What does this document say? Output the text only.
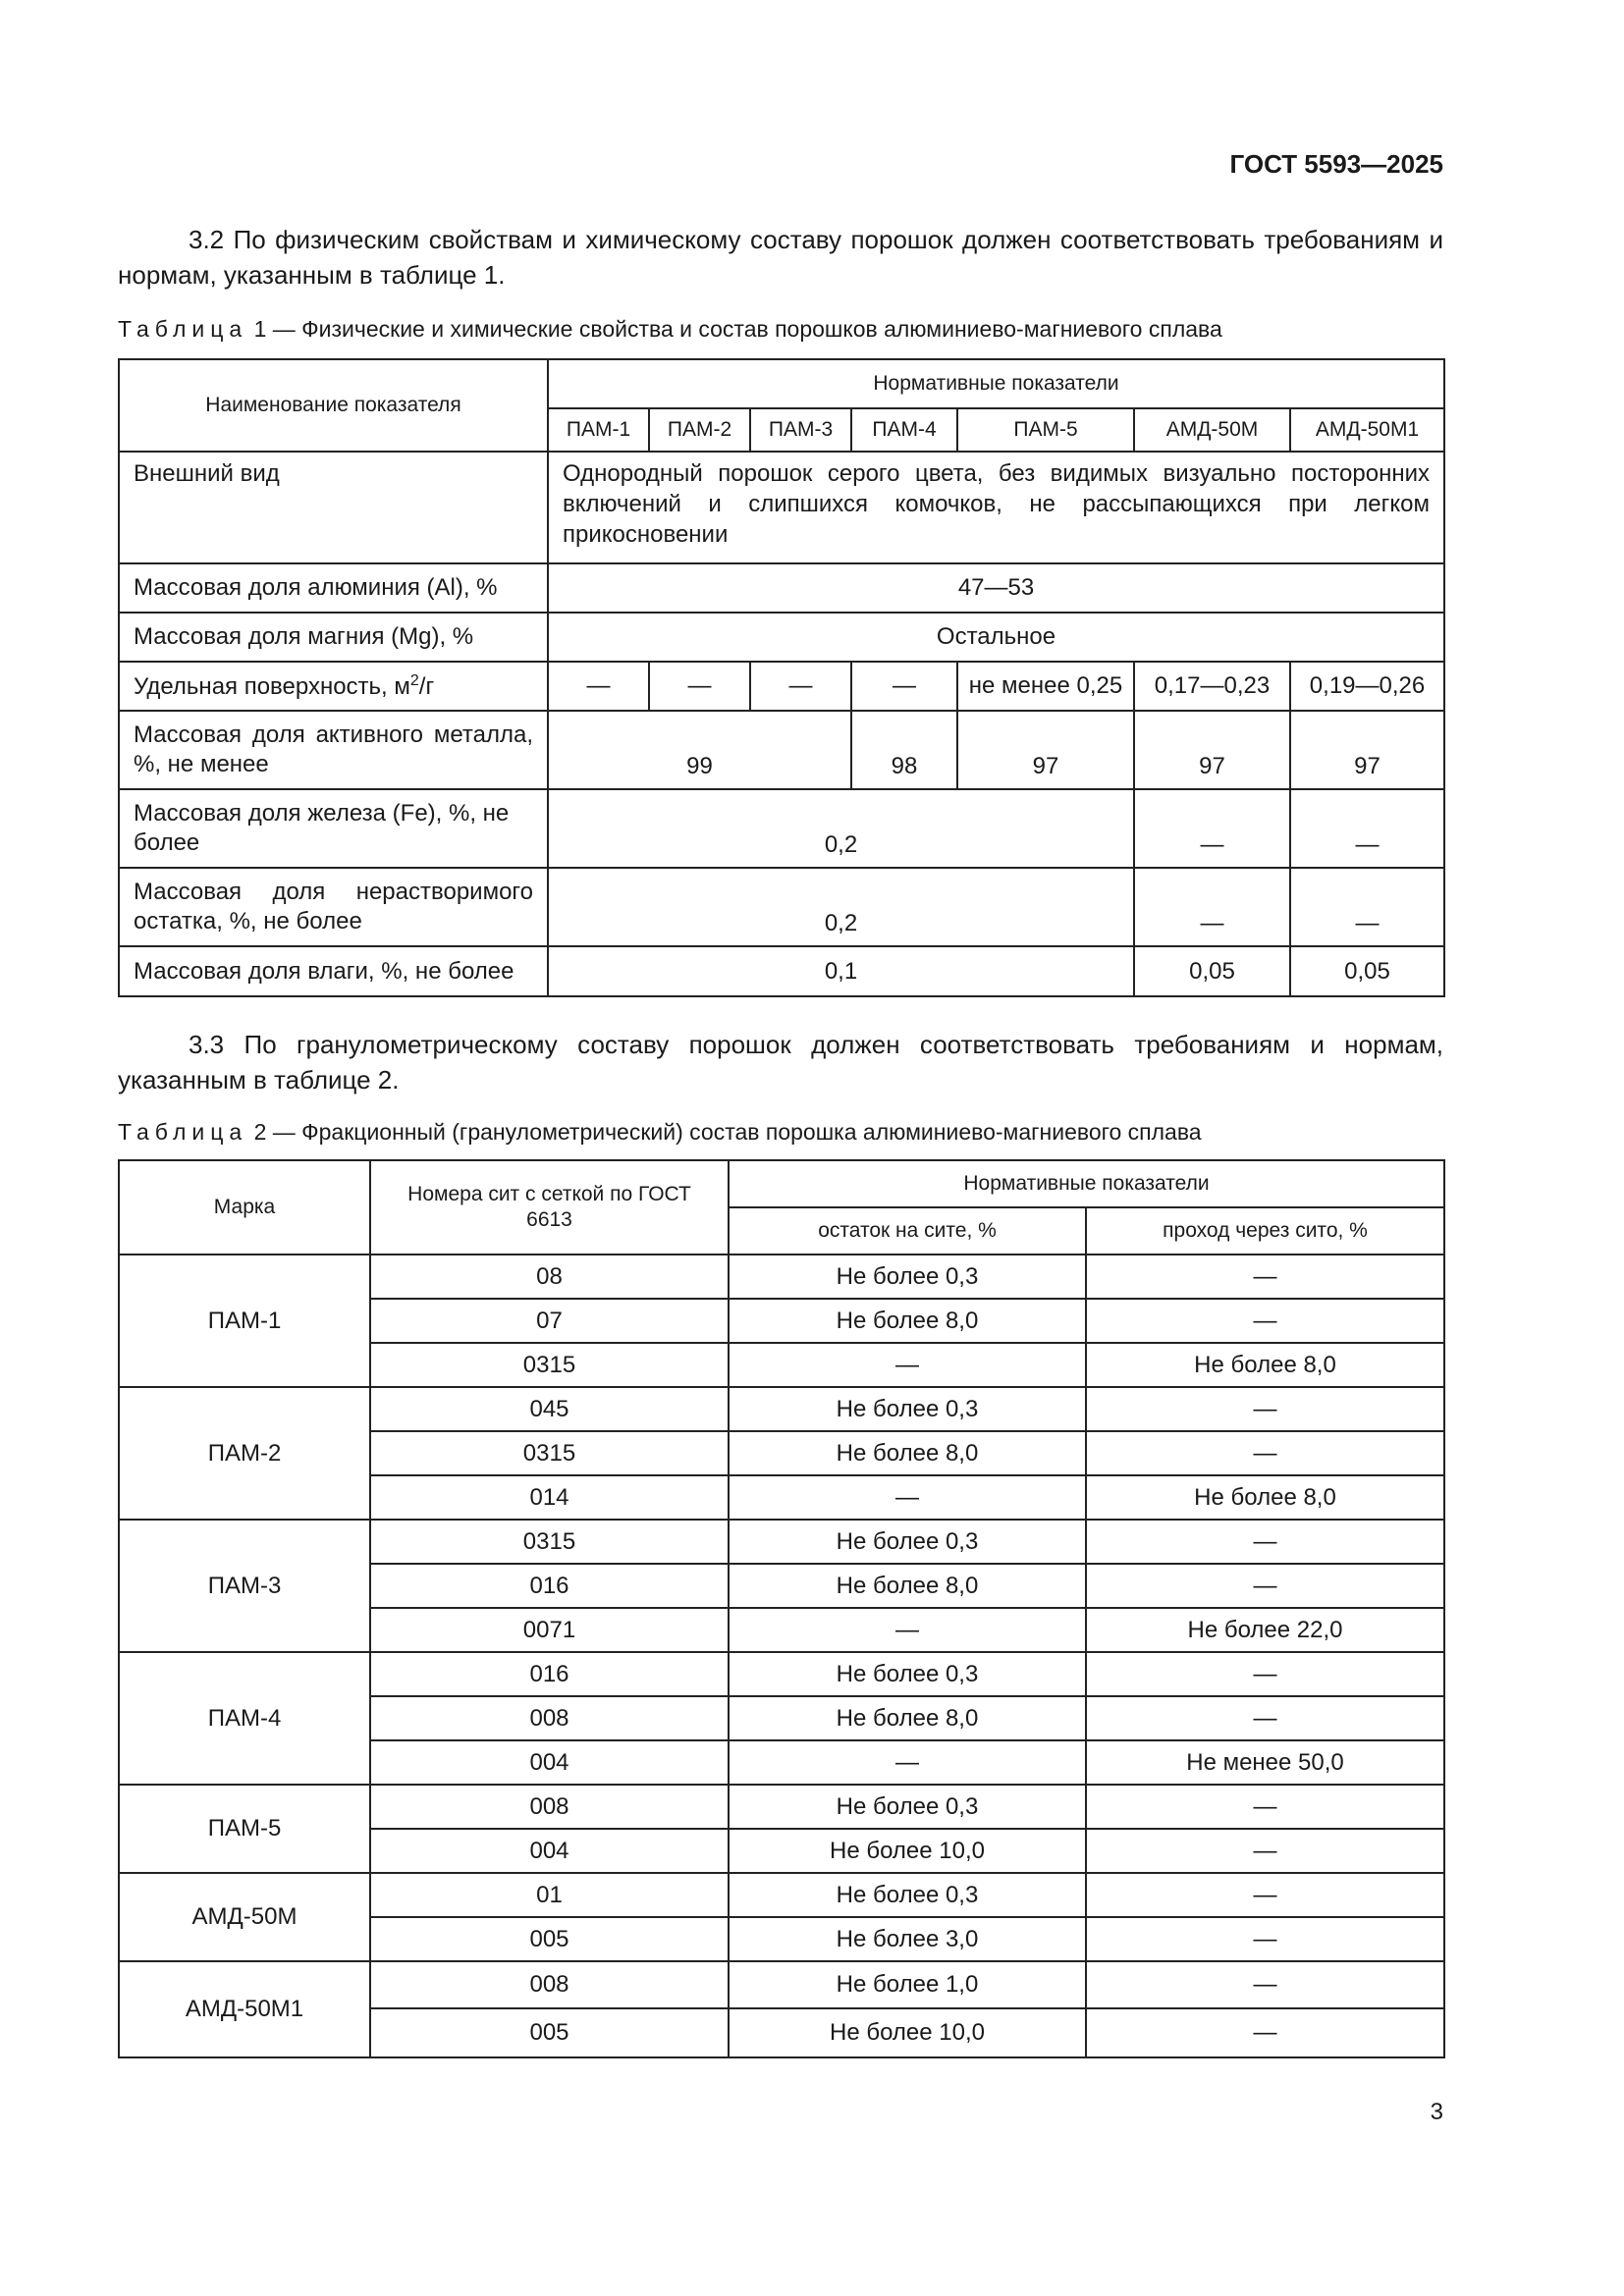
ГОСТ 5593—2025
3.2 По физическим свойствам и химическому составу порошок должен соответствовать требованиям и нормам, указанным в таблице 1.
Таблица 1 — Физические и химические свойства и состав порошков алюминиево-магниевого сплава
Наименование показателя	Нормативные показатели						
	ПАМ-1	ПАМ-2	ПАМ-3	ПАМ-4	ПАМ-5	АМД-50М	АМД-50М1
Внешний вид	Однородный порошок серого цвета, без видимых визуально посторонних включений и слипшихся комочков, не рассыпающихся при легком прикосновении						
Массовая доля алюминия (Al), %	47—53						
Массовая доля магния (Mg), %	Остальное						
Удельная поверхность, $м^2/г$	—	—	—	—	не менее 0,25	0,17—0,23	0,19—0,26
Массовая доля активного металла, %, не менее	99			98	97	97	97
Массовая доля железа (Fe), %, не более	0,2					—	—
Массовая доля нерастворимого остатка, %, не более	0,2					—	—
Массовая доля влаги, %, не более	0,1					0,05	0,05
3.3 По гранулометрическому составу порошок должен соответствовать требованиям и нормам, указанным в таблице 2.
Таблица 2 — Фракционный (гранулометрический) состав порошка алюминиево-магниевого сплава
Марка	Номера сит с сеткой по ГОСТ 6613	Нормативные показатели	
		остаток на сите, %	проход через сито, %
ПАМ-1	08	Не более 0,3	—
	07	Не более 8,0	—
	0315	—	Не более 8,0
ПАМ-2	045	Не более 0,3	—
	0315	Не более 8,0	—
	014	—	Не более 8,0
ПАМ-3	0315	Не более 0,3	—
	016	Не более 8,0	—
	0071	—	Не более 22,0
ПАМ-4	016	Не более 0,3	—
	008	Не более 8,0	—
	004	—	Не менее 50,0
ПАМ-5	008	Не более 0,3	—
	004	Не более 10,0	—
АМД-50М	01	Не более 0,3	—
	005	Не более 3,0	—
АМД-50М1	008	Не более 1,0	—
	005	Не более 10,0	—
3
